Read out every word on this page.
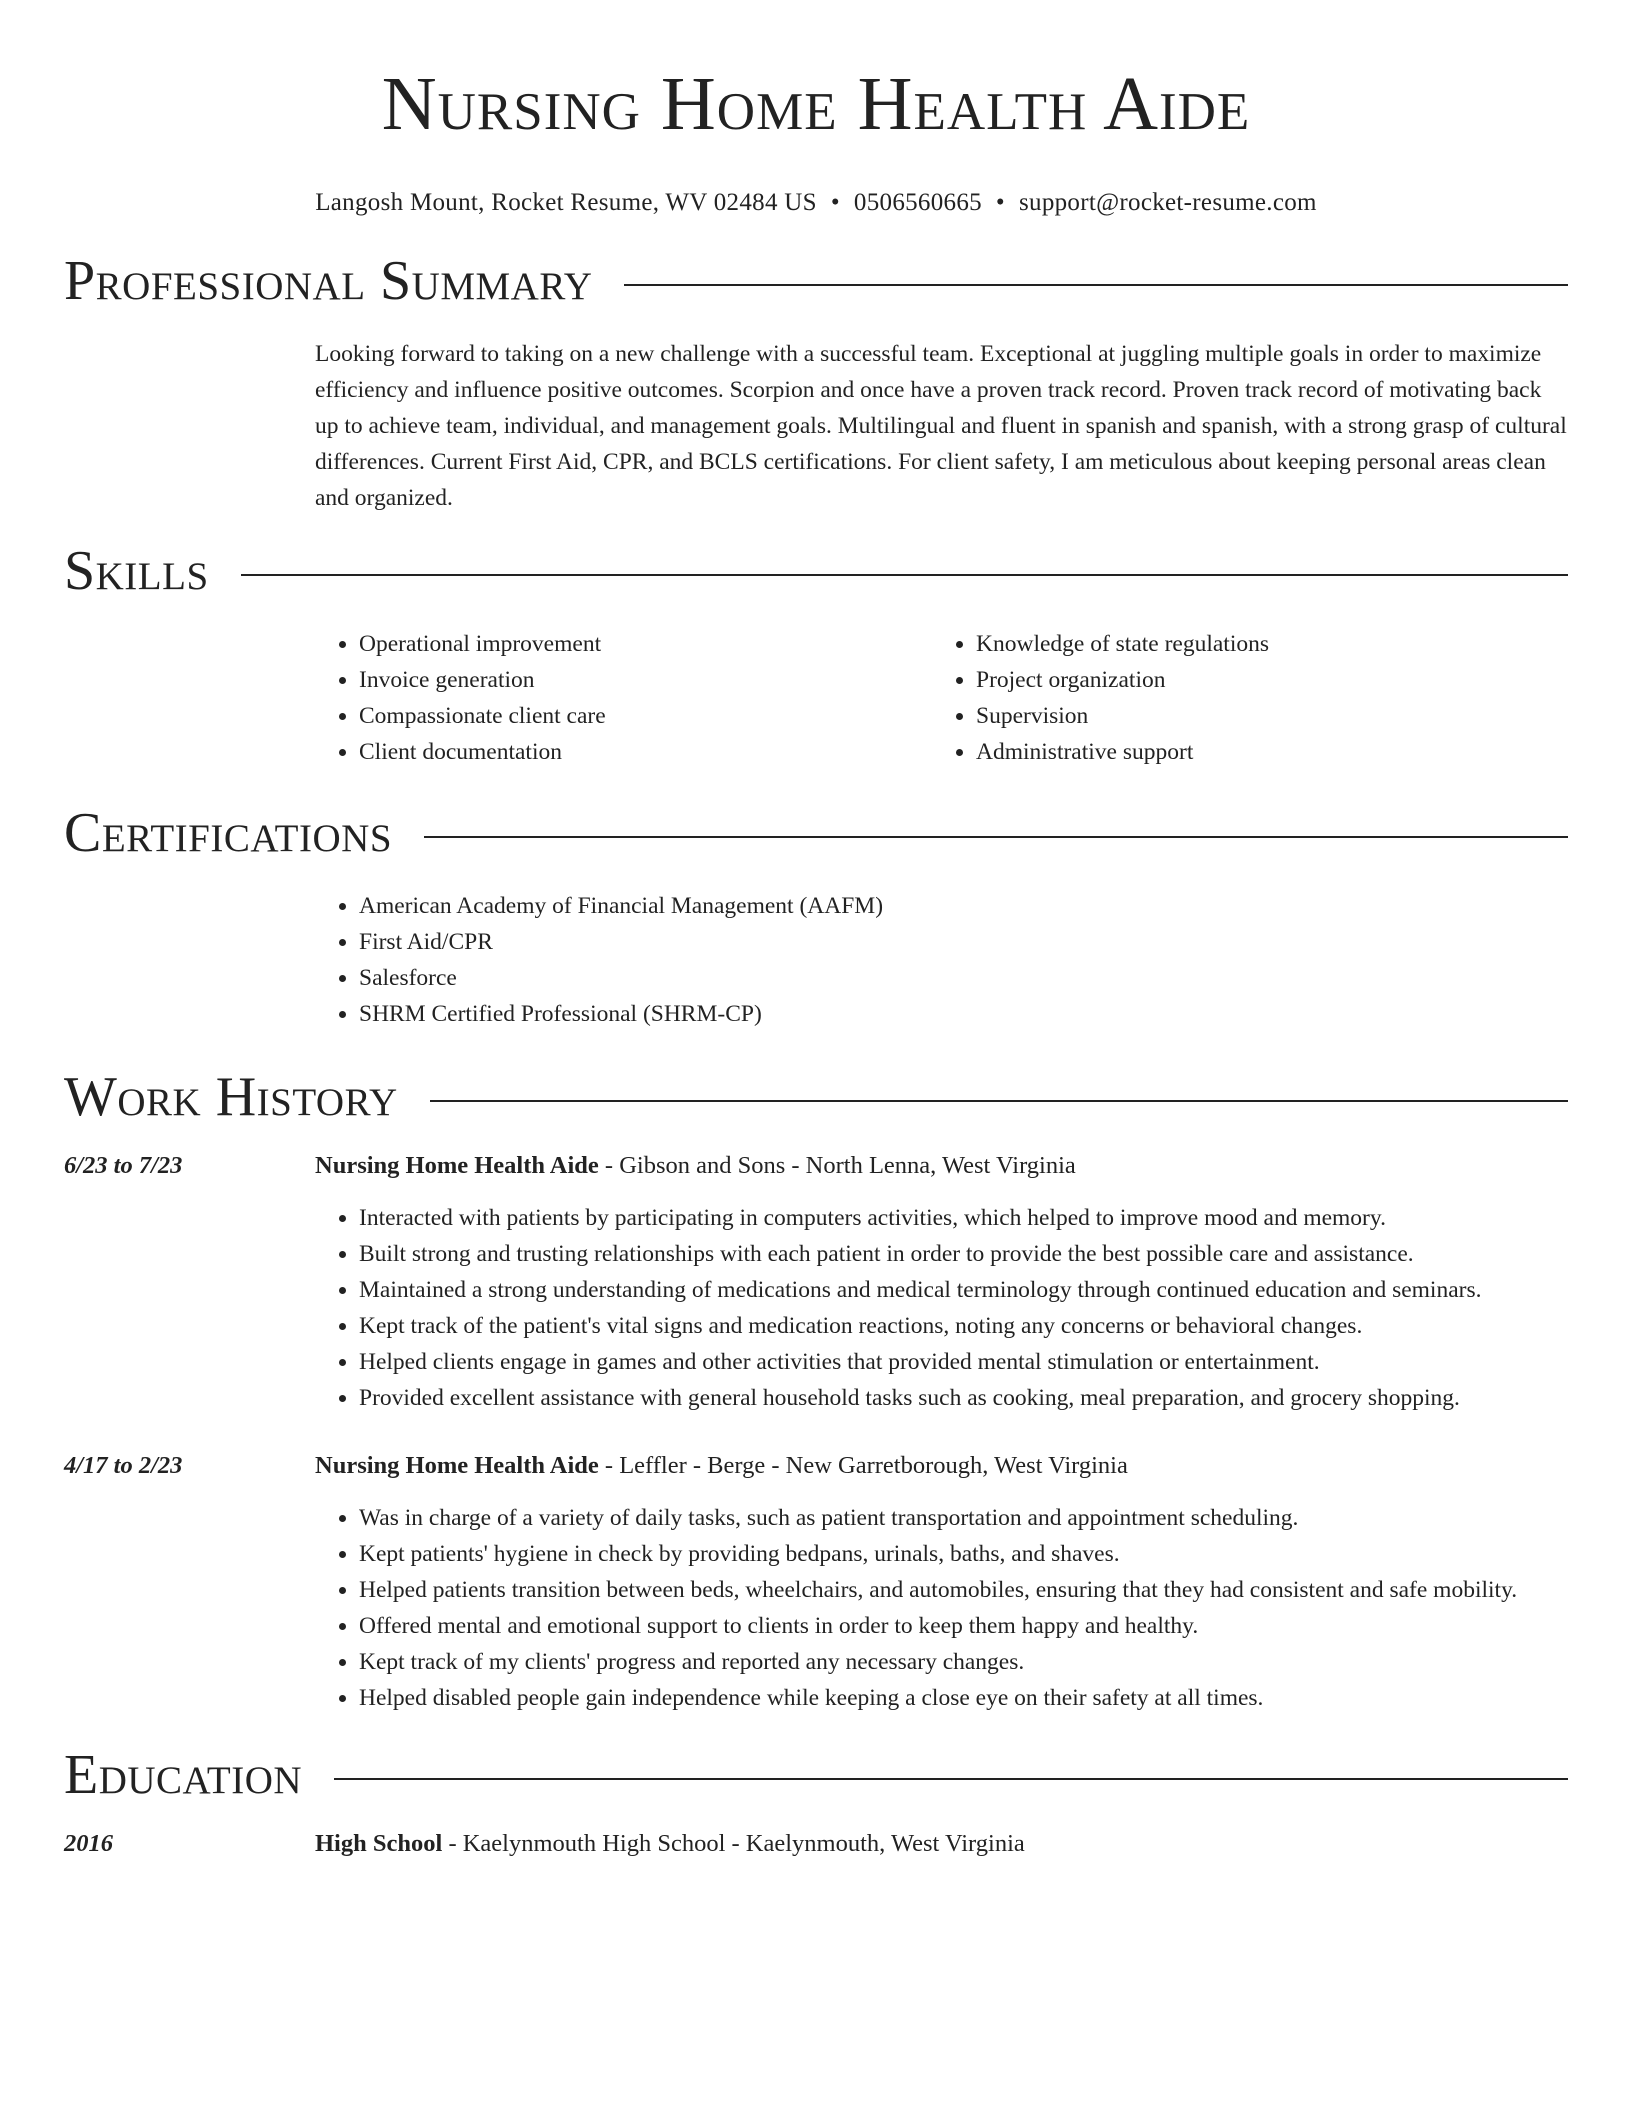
Nursing Home Health Aide
Langosh Mount, Rocket Resume, WV 02484 US • 0506560665 • support@rocket-resume.com
Professional Summary

Looking forward to taking on a new challenge with a successful team. Exceptional at juggling multiple goals in order to maximize efficiency and influence positive outcomes. Scorpion and once have a proven track record. Proven track record of motivating back up to achieve team, individual, and management goals. Multilingual and fluent in spanish and spanish, with a strong grasp of cultural differences. Current First Aid, CPR, and BCLS certifications. For client safety, I am meticulous about keeping personal areas clean and organized.

Skills
• Operational improvement
• Invoice generation
• Compassionate client care
• Client documentation
• Knowledge of state regulations
• Project organization
• Supervision
• Administrative support
Certifications
• American Academy of Financial Management (AAFM)
• First Aid/CPR
• Salesforce
• SHRM Certified Professional (SHRM-CP)
Work History
6/23 to 7/23	Nursing Home Health Aide - Gibson and Sons - North Lenna, West Virginia
• Interacted with patients by participating in computers activities, which helped to improve mood and memory.
• Built strong and trusting relationships with each patient in order to provide the best possible care and assistance.
• Maintained a strong understanding of medications and medical terminology through continued education and seminars.
• Kept track of the patient's vital signs and medication reactions, noting any concerns or behavioral changes.
• Helped clients engage in games and other activities that provided mental stimulation or entertainment.
• Provided excellent assistance with general household tasks such as cooking, meal preparation, and grocery shopping.
4/17 to 2/23	Nursing Home Health Aide - Leffler - Berge - New Garretborough, West Virginia
• Was in charge of a variety of daily tasks, such as patient transportation and appointment scheduling.
• Kept patients' hygiene in check by providing bedpans, urinals, baths, and shaves.
• Helped patients transition between beds, wheelchairs, and automobiles, ensuring that they had consistent and safe mobility.
• Offered mental and emotional support to clients in order to keep them happy and healthy.
• Kept track of my clients' progress and reported any necessary changes.
• Helped disabled people gain independence while keeping a close eye on their safety at all times.
Education
2016	High School - Kaelynmouth High School - Kaelynmouth, West Virginia
